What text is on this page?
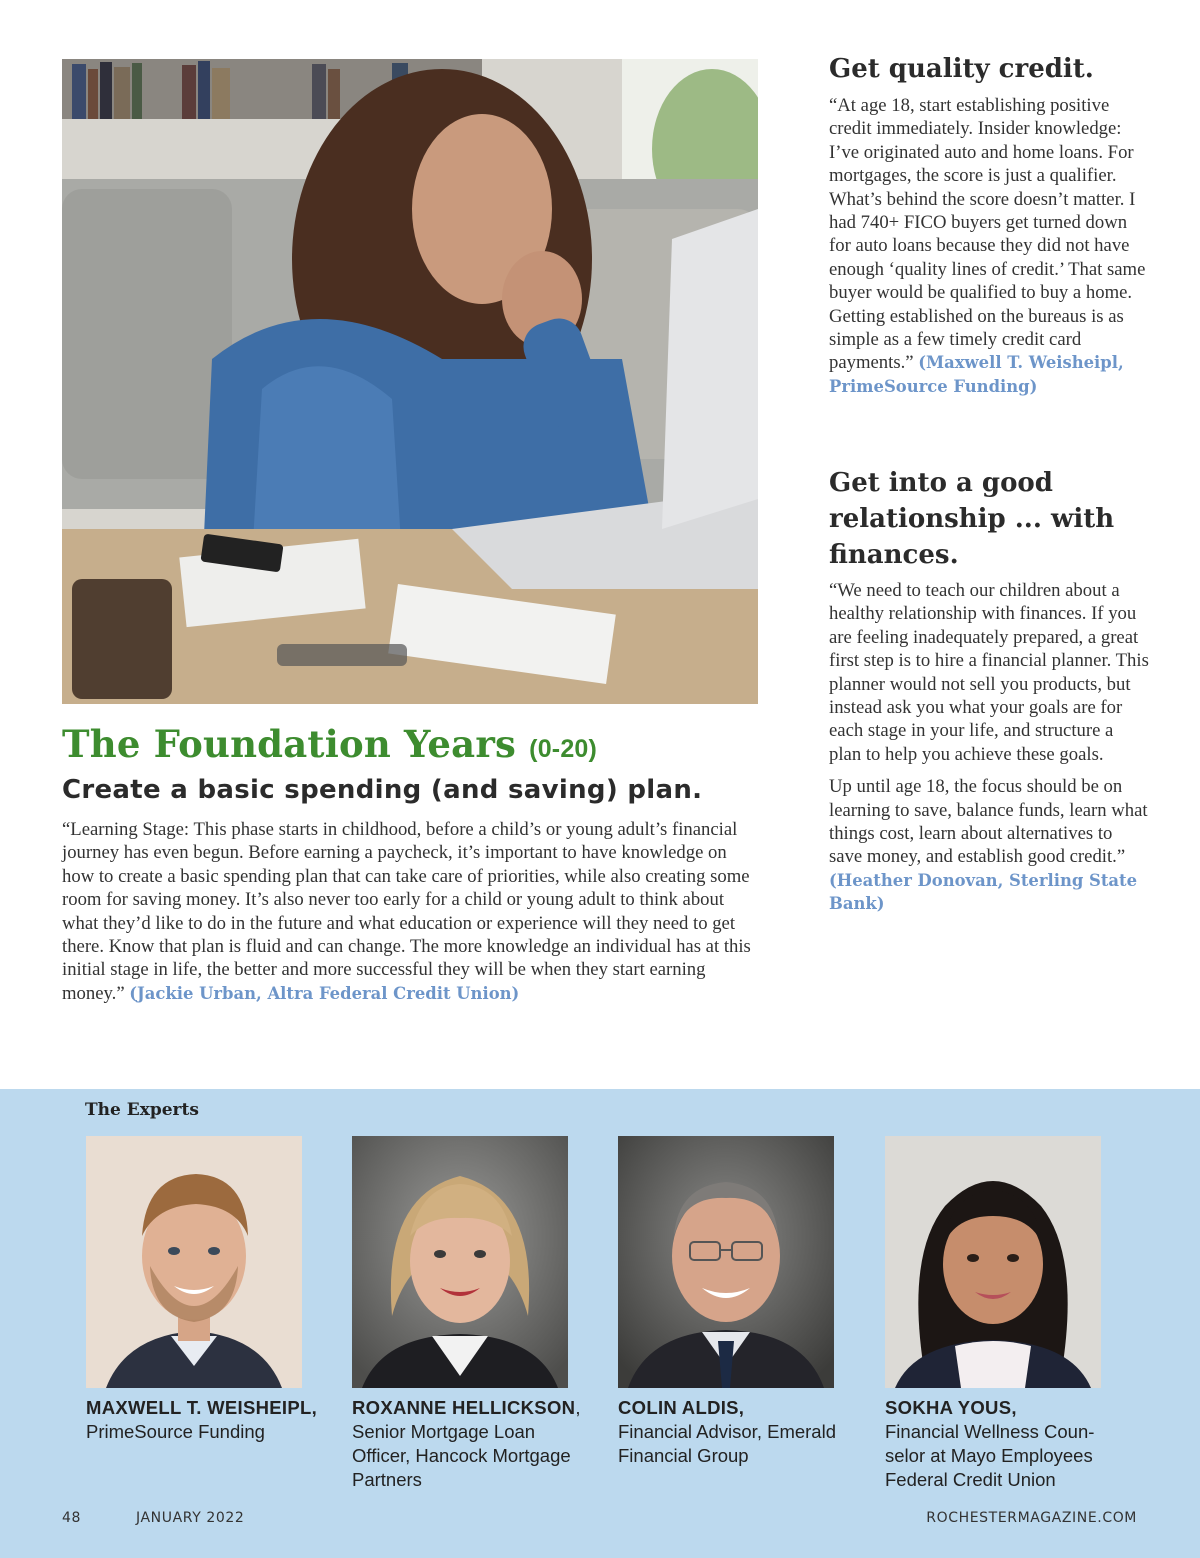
The Foundation Years (0-20)
Create a basic spending (and saving) plan.

“Learning Stage: This phase starts in childhood, before a child’s or young adult’s financial journey has even begun. Before earning a paycheck, it’s important to have knowledge on how to create a basic spending plan that can take care of priorities, while also creating some room for saving money. It’s also never too early for a child or young adult to think about what they’d like to do in the future and what education or experience will they need to get there. Know that plan is fluid and can change. The more knowledge an individual has at this initial stage in life, the better and more successful they will be when they start earning money.” (Jackie Urban, Altra Federal Credit Union)

Get quality credit.

“At age 18, start establishing positive credit immediately. Insider knowledge: I’ve originated auto and home loans. For mortgages, the score is just a qualifier. What’s behind the score doesn’t matter. I had 740+ FICO buyers get turned down for auto loans because they did not have enough ‘quality lines of credit.’ That same buyer would be qualified to buy a home. Getting established on the bureaus is as simple as a few timely credit card payments.” (Maxwell T. Weisheipl, PrimeSource Funding)

Get into a good relationship ... with finances.

“We need to teach our children about a healthy relationship with finances. If you are feeling inadequately prepared, a great first step is to hire a financial planner. This planner would not sell you products, but instead ask you what your goals are for each stage in your life, and structure a plan to help you achieve these goals.

Up until age 18, the focus should be on learning to save, balance funds, learn what things cost, learn about alternatives to save money, and establish good credit.” (Heather Donovan, Sterling State Bank)

The Experts
MAXWELL T. WEISHEIPL,
PrimeSource Funding
ROXANNE HELLICKSON,
Senior Mortgage Loan Officer, Hancock Mortgage Partners
COLIN ALDIS,
Financial Advisor, Emerald Financial Group
SOKHA YOUS,
Financial Wellness Coun-selor at Mayo Employees Federal Credit Union
48	JANUARY 2022	ROCHESTERMAGAZINE.COM
